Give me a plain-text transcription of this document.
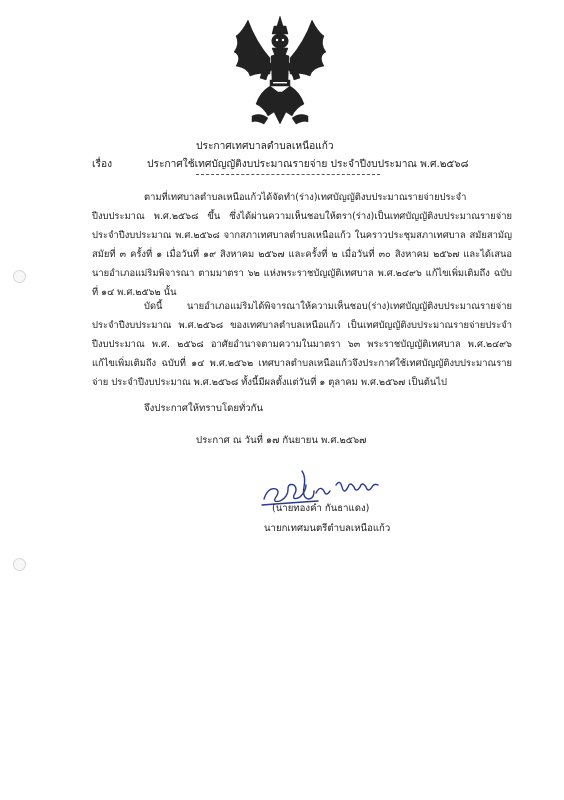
ประกาศเทศบาลตำบลเหนือแก้ว
เรื่อง	ประกาศใช้เทศบัญญัติงบประมาณรายจ่าย ประจำปีงบประมาณ พ.ศ.๒๕๖๘
ตามที่เทศบาลตำบลเหนือแก้วได้จัดทำ(ร่าง)เทศบัญญัติงบประมาณรายจ่ายประจำปีงบประมาณ พ.ศ.๒๕๖๘ ขึ้น ซึ่งได้ผ่านความเห็นชอบให้ตรา(ร่าง)เป็นเทศบัญญัติงบประมาณรายจ่าย ประจำปีงบประมาณ พ.ศ.๒๕๖๘ จากสภาเทศบาลตำบลเหนือแก้ว ในคราวประชุมสภาเทศบาล สมัยสามัญ สมัยที่ ๓ ครั้งที่ ๑ เมื่อวันที่ ๑๙ สิงหาคม ๒๕๖๗ และครั้งที่ ๒ เมื่อวันที่ ๓๐ สิงหาคม ๒๕๖๗ และได้เสนอนายอำเภอแม่ริมพิจารณา ตามมาตรา ๖๒ แห่งพระราชบัญญัติเทศบาล พ.ศ.๒๔๙๖ แก้ไขเพิ่มเติมถึง ฉบับที่ ๑๔ พ.ศ.๒๕๖๒ นั้น
บัดนี้ นายอำเภอแม่ริมได้พิจารณาให้ความเห็นชอบ(ร่าง)เทศบัญญัติงบประมาณรายจ่ายประจำปีงบประมาณ พ.ศ.๒๕๖๘ ของเทศบาลตำบลเหนือแก้ว เป็นเทศบัญญัติงบประมาณรายจ่ายประจำปีงบประมาณ พ.ศ. ๒๕๖๘ อาศัยอำนาจตามความในมาตรา ๖๓ พระราชบัญญัติเทศบาล พ.ศ.๒๔๙๖ แก้ไขเพิ่มเติมถึง ฉบับที่ ๑๔ พ.ศ.๒๕๖๒ เทศบาลตำบลเหนือแก้วจึงประกาศใช้เทศบัญญัติงบประมาณรายจ่าย ประจำปีงบประมาณ พ.ศ.๒๕๖๘ ทั้งนี้มีผลตั้งแต่วันที่ ๑ ตุลาคม พ.ศ.๒๕๖๗ เป็นต้นไป
จึงประกาศให้ทราบโดยทั่วกัน
ประกาศ ณ วันที่ ๑๗ กันยายน พ.ศ.๒๕๖๗
(นายทองคำ กันธาแดง)
นายกเทศมนตรีตำบลเหนือแก้ว
